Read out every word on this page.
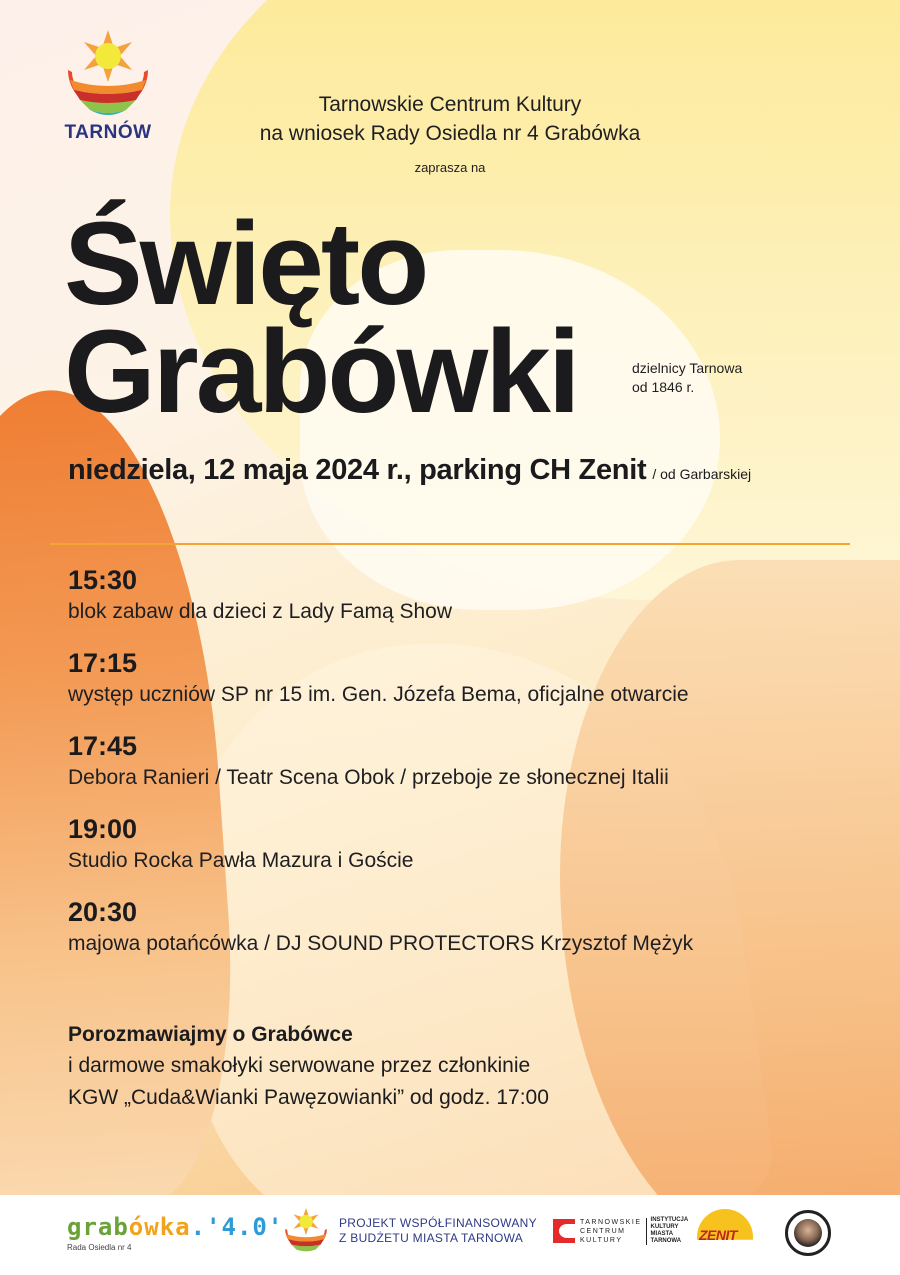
TARNÓW
Tarnowskie Centrum Kultury
na wniosek Rady Osiedla nr 4 Grabówka
zaprasza na
Święto
Grabówki	dzielnicy Tarnowa
od 1846 r.
niedziela, 12 maja 2024 r., parking CH Zenit / od Garbarskiej
15:30
blok zabaw dla dzieci z Lady Famą Show
17:15
występ uczniów SP nr 15 im. Gen. Józefa Bema, oficjalne otwarcie
17:45
Debora Ranieri / Teatr Scena Obok / przeboje ze słonecznej Italii
19:00
Studio Rocka Pawła Mazura i Goście
20:30
majowa potańcówka / DJ SOUND PROTECTORS Krzysztof Mężyk
Porozmawiajmy o Grabówce
i darmowe smakołyki serwowane przez członkinie
KGW „Cuda&Wianki Pawęzowianki” od godz. 17:00
grabówka.'4.0'
Rada Osiedla nr 4
PROJEKT WSPÓŁFINANSOWANY
Z BUDŻETU MIASTA TARNOWA
TARNOWSKIE
CENTRUM
KULTURY
INSTYTUCJA
KULTURY
MIASTA
TARNOWA	ZENIT
